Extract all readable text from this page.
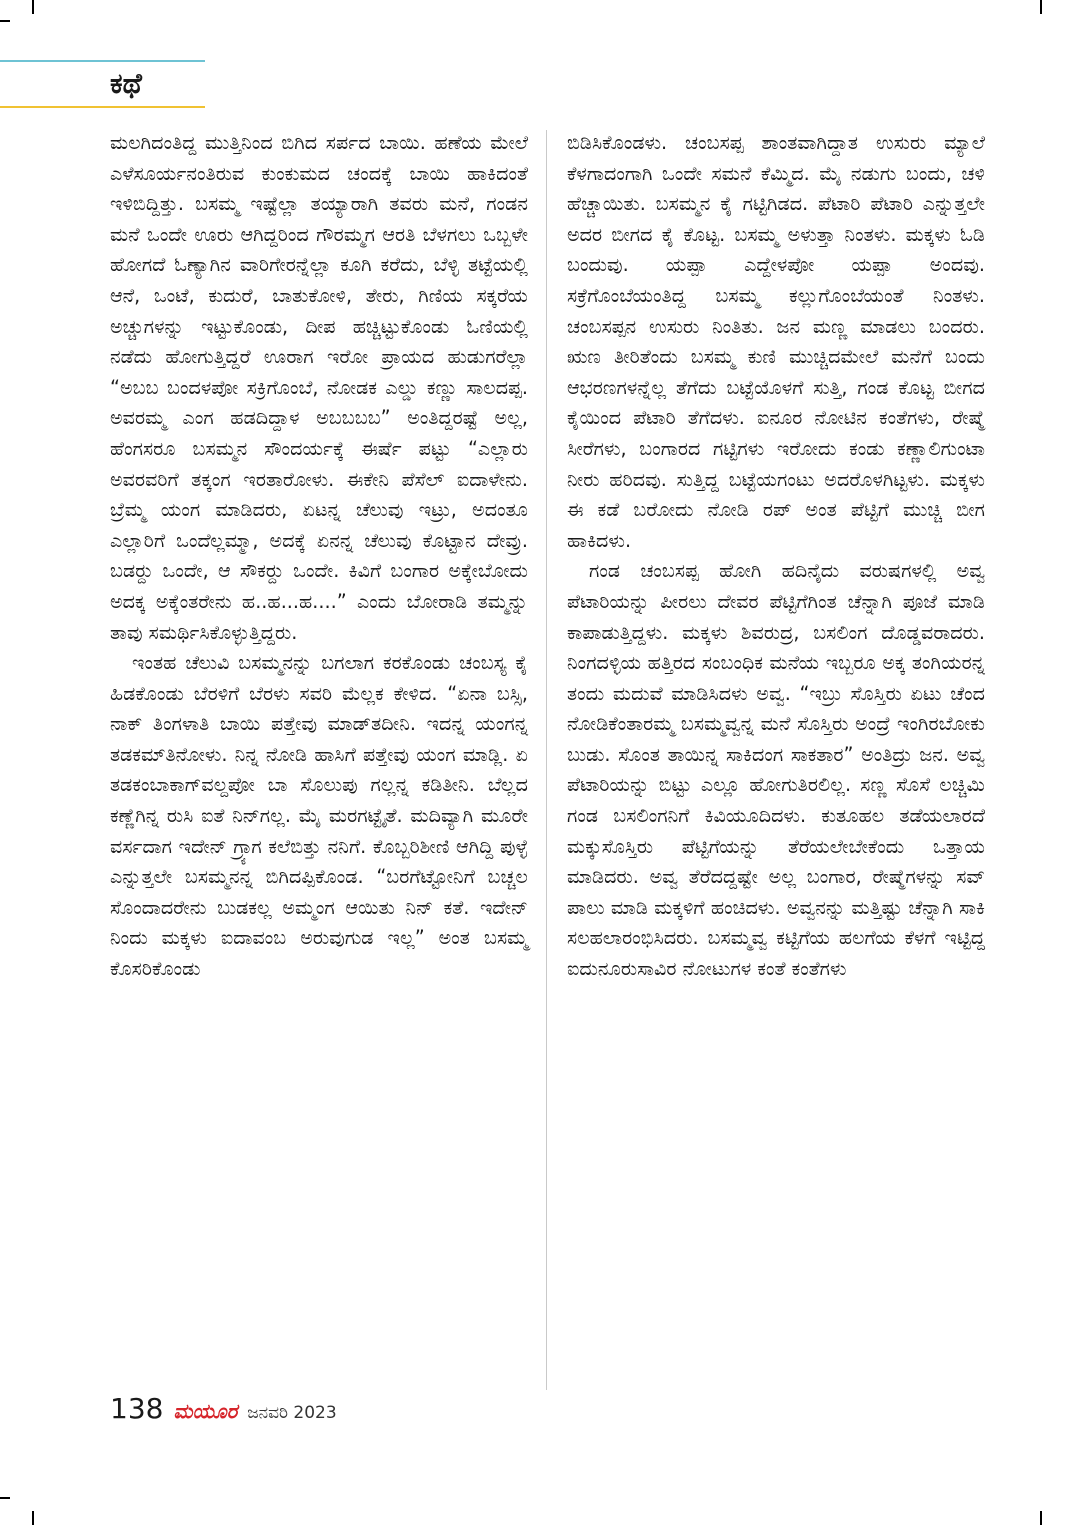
ಕಥೆ

ಮಲಗಿದಂತಿದ್ದ ಮುತ್ತಿನಿಂದ ಬಿಗಿದ ಸರ್ಪದ ಬಾಯಿ. ಹಣೆಯ ಮೇಲೆ ಎಳೆಸೂರ್ಯನಂತಿರುವ ಕುಂಕುಮದ ಚಂದಕ್ಕೆ ಬಾಯಿ ಹಾಕಿದಂತೆ ಇಳಿಬಿದ್ದಿತ್ತು. ಬಸಮ್ಮ ಇಷ್ಟೆಲ್ಲಾ ತಯ್ಯಾರಾಗಿ ತವರು ಮನೆ, ಗಂಡನ ಮನೆ ಒಂದೇ ಊರು ಆಗಿದ್ದರಿಂದ ಗೌರಮ್ಮಗ ಆರತಿ ಬೆಳಗಲು ಒಬ್ಬಳೇ ಹೋಗದೆ ಓಣ್ಯಾಗಿನ ವಾರಿಗೇರನ್ನೆಲ್ಲಾ ಕೂಗಿ ಕರೆದು, ಬೆಳ್ಳಿ ತಟ್ಟೆಯಲ್ಲಿ ಆನೆ, ಒಂಟೆ, ಕುದುರೆ, ಬಾತುಕೋಳಿ, ತೇರು, ಗಿಣಿಯ ಸಕ್ಕರೆಯ ಅಚ್ಚುಗಳನ್ನು ಇಟ್ಟುಕೊಂಡು, ದೀಪ ಹಚ್ಚಿಟ್ಟುಕೊಂಡು ಓಣಿಯಲ್ಲಿ ನಡೆದು ಹೋಗುತ್ತಿದ್ದರೆ ಊರಾಗ ಇರೋ ಪ್ರಾಯದ ಹುಡುಗರೆಲ್ಲಾ “ಅಬಬ ಬಂದಳಪೋ ಸಕ್ರಿಗೊಂಬೆ, ನೋಡಕ ಎಲ್ಡು ಕಣ್ಣು ಸಾಲದಪ್ಪ. ಅವರಮ್ಮ ಎಂಗ ಹಡದಿದ್ದಾಳ ಅಬಬಬಬ” ಅಂತಿದ್ದರಷ್ಟೆ ಅಲ್ಲ, ಹೆಂಗಸರೂ ಬಸಮ್ಮನ ಸೌಂದರ್ಯಕ್ಕೆ ಈರ್ಷೆ ಪಟ್ಟು “ಎಲ್ಲಾರು ಅವರವರಿಗೆ ತಕ್ಕಂಗ ಇರತಾರೋಳು. ಈಕೇನಿ ಪೆಸೆಲ್ ಐದಾಳೇನು. ಬ್ರೆಮ್ಮ ಯಂಗ ಮಾಡಿದರು, ಏಟನ್ನ ಚೆಲುವು ಇಟ್ರು, ಅದಂತೂ ಎಲ್ಲಾರಿಗೆ ಒಂದೆಲ್ಲಮ್ಮಾ, ಅದಕ್ಕೆ ಏನನ್ನ ಚೆಲುವು ಕೊಟ್ಟಾನ ದೇವ್ರು. ಬಡರ‍್ದು ಒಂದೇ, ಆ ಸೌಕರ‍್ದು ಒಂದೇ. ಕಿವಿಗೆ ಬಂಗಾರ ಅಕ್ಕೇಬೋದು ಅದಕ್ಕ ಅಕ್ಕೆಂತರೇನು ಹ..ಹ...ಹ....” ಎಂದು ಬೋರಾಡಿ ತಮ್ಮನ್ನು ತಾವು ಸಮರ್ಥಿಸಿಕೊಳ್ಳುತ್ತಿದ್ದರು.

ಇಂತಹ ಚೆಲುವಿ ಬಸಮ್ಮನನ್ನು ಬಗಲಾಗ ಕರಕೊಂಡು ಚಂಬಸ್ಯ ಕೈ ಹಿಡಕೊಂಡು ಬೆರಳಿಗೆ ಬೆರಳು ಸವರಿ ಮೆಲ್ಲಕ ಕೇಳಿದ. “ಏನಾ ಬಸ್ಸಿ, ನಾಕ್ ತಿಂಗಳಾತಿ ಬಾಯಿ ಪತ್ತೇವು ಮಾಡ್‌ತದೀನಿ. ಇದನ್ನ ಯಂಗನ್ನ ತಡಕಮ್‌ತಿನೋಳು. ನಿನ್ನ ನೋಡಿ ಹಾಸಿಗೆ ಪತ್ತೇವು ಯಂಗ ಮಾಡ್ಲಿ. ಏ ತಡಕಂಬಾಕಾಗ್‌ವಲ್ದಪೋ ಬಾ ಸೊಲುಪು ಗಲ್ಲನ್ನ ಕಡಿತೀನಿ. ಬೆಲ್ಲದ ಕಣ್ಣೆಗಿನ್ನ ರುಸಿ ಐತೆ ನಿನ್‌ಗಲ್ಲ. ಮೈ ಮರಗಟ್ಟೈತೆ. ಮದಿವ್ಯಾಗಿ ಮೂರೇ ವರ್ಸದಾಗ ಇದೇನ್ ಗ್ರ್ಯಾಗ ಕಲೆಬಿತ್ತು ನನಿಗೆ. ಕೊಬ್ಬರಿಶೀಣಿ ಆಗಿದ್ದಿ ಪುಳ್ಳೆ ಎನ್ನುತ್ತಲೇ ಬಸಮ್ಮನನ್ನ ಬಿಗಿದಪ್ಪಿಕೊಂಡ. “ಬರಗೆಟ್ಟೋನಿಗೆ ಬಚ್ಚಲ ಸೊಂದಾದರೇನು ಬುಡಕಲ್ಲ ಅಮ್ಮಂಗ ಆಯಿತು ನಿನ್ ಕತೆ. ಇದೇನ್ ನಿಂದು ಮಕ್ಕಳು ಐದಾವಂಬ ಅರುವುಗುಡ ಇಲ್ಲ” ಅಂತ ಬಸಮ್ಮ ಕೊಸರಿಕೊಂಡು

ಬಿಡಿಸಿಕೊಂಡಳು. ಚಂಬಸಪ್ಪ ಶಾಂತವಾಗಿದ್ದಾತ ಉಸುರು ಮ್ಯಾಲೆ ಕೆಳಗಾದಂಗಾಗಿ ಒಂದೇ ಸಮನೆ ಕೆಮ್ಮಿದ. ಮೈ ನಡುಗು ಬಂದು, ಚಳಿ ಹೆಚ್ಚಾಯಿತು. ಬಸಮ್ಮನ ಕೈ ಗಟ್ಟಿಗಿಡದ. ಪೆಟಾರಿ ಪೆಟಾರಿ ಎನ್ನುತ್ತಲೇ ಅದರ ಬೀಗದ ಕೈ ಕೊಟ್ಟ. ಬಸಮ್ಮ ಅಳುತ್ತಾ ನಿಂತಳು. ಮಕ್ಕಳು ಓಡಿ ಬಂದುವು. ಯಪ್ಪಾ ಎದ್ದೇಳಪೋ ಯಪ್ಪಾ ಅಂದವು. ಸಕ್ರೆಗೊಂಬೆಯಂತಿದ್ದ ಬಸಮ್ಮ ಕಲ್ಲುಗೊಂಬೆಯಂತೆ ನಿಂತಳು. ಚಂಬಸಪ್ಪನ ಉಸುರು ನಿಂತಿತು. ಜನ ಮಣ್ಣ ಮಾಡಲು ಬಂದರು. ಋಣ ತೀರಿತೆಂದು ಬಸಮ್ಮ ಕುಣಿ ಮುಚ್ಚಿದಮೇಲೆ ಮನೆಗೆ ಬಂದು ಆಭರಣಗಳನ್ನೆಲ್ಲ ತೆಗೆದು ಬಟ್ಟೆಯೊಳಗೆ ಸುತ್ತಿ, ಗಂಡ ಕೊಟ್ಟ ಬೀಗದ ಕೈಯಿಂದ ಪೆಟಾರಿ ತೆಗೆದಳು. ಐನೂರ ನೋಟಿನ ಕಂತೆಗಳು, ರೇಷ್ಮೆ ಸೀರೆಗಳು, ಬಂಗಾರದ ಗಟ್ಟಿಗಳು ಇರೋದು ಕಂಡು ಕಣ್ಣಾಲಿಗುಂಟಾ ನೀರು ಹರಿದವು. ಸುತ್ತಿದ್ದ ಬಟ್ಟೆಯಗಂಟು ಅದರೊಳಗಿಟ್ಟಳು. ಮಕ್ಕಳು ಈ ಕಡೆ ಬರೋದು ನೋಡಿ ರಪ್ ಅಂತ ಪೆಟ್ಟಿಗೆ ಮುಚ್ಚಿ ಬೀಗ ಹಾಕಿದಳು.

ಗಂಡ ಚಂಬಸಪ್ಪ ಹೋಗಿ ಹದಿನೈದು ವರುಷಗಳಲ್ಲಿ ಅವ್ವ ಪೆಟಾರಿಯನ್ನು ಪೀರಲು ದೇವರ ಪೆಟ್ಟಿಗೆಗಿಂತ ಚೆನ್ನಾಗಿ ಪೂಜೆ ಮಾಡಿ ಕಾಪಾಡುತ್ತಿದ್ದಳು. ಮಕ್ಕಳು ಶಿವರುದ್ರ, ಬಸಲಿಂಗ ದೊಡ್ಡವರಾದರು. ನಿಂಗದಳ್ಳಿಯ ಹತ್ತಿರದ ಸಂಬಂಧಿಕ ಮನೆಯ ಇಬ್ಬರೂ ಅಕ್ಕ ತಂಗಿಯರನ್ನ ತಂದು ಮದುವೆ ಮಾಡಿಸಿದಳು ಅವ್ವ. “ಇಬ್ರು ಸೊಸ್ತಿರು ಏಟು ಚೆಂದ ನೋಡಿಕೆಂತಾರಮ್ಮ ಬಸಮ್ಮವ್ವನ್ನ ಮನೆ ಸೊಸ್ತಿರು ಅಂದ್ರೆ ಇಂಗಿರಬೋಕು ಬುಡು. ಸೊಂತ ತಾಯಿನ್ನ ಸಾಕಿದಂಗ ಸಾಕತಾರ” ಅಂತಿದ್ರು ಜನ. ಅವ್ವ ಪೆಟಾರಿಯನ್ನು ಬಿಟ್ಟು ಎಲ್ಲೂ ಹೋಗುತಿರಲಿಲ್ಲ. ಸಣ್ಣ ಸೊಸೆ ಲಚ್ಚಿಮಿ ಗಂಡ ಬಸಲಿಂಗನಿಗೆ ಕಿವಿಯೂದಿದಳು. ಕುತೂಹಲ ತಡೆಯಲಾರದೆ ಮಕ್ಕುಸೊಸ್ತಿರು ಪೆಟ್ಟಿಗೆಯನ್ನು ತೆರೆಯಲೇಬೇಕೆಂದು ಒತ್ತಾಯ ಮಾಡಿದರು. ಅವ್ವ ತೆರೆದದ್ದಷ್ಟೇ ಅಲ್ಲ ಬಂಗಾರ, ರೇಷ್ಮೆಗಳನ್ನು ಸವ್ ಪಾಲು ಮಾಡಿ ಮಕ್ಕಳಿಗೆ ಹಂಚಿದಳು. ಅವ್ವನನ್ನು ಮತ್ತಿಷ್ಟು ಚೆನ್ನಾಗಿ ಸಾಕಿ ಸಲಹಲಾರಂಭಿಸಿದರು. ಬಸಮ್ಮವ್ವ ಕಟ್ಟಿಗೆಯ ಹಲಗೆಯ ಕೆಳಗೆ ಇಟ್ಟಿದ್ದ ಐದುನೂರುಸಾವಿರ ನೋಟುಗಳ ಕಂತೆ ಕಂತೆಗಳು

138 ಮಯೂರ ಜನವರಿ 2023
